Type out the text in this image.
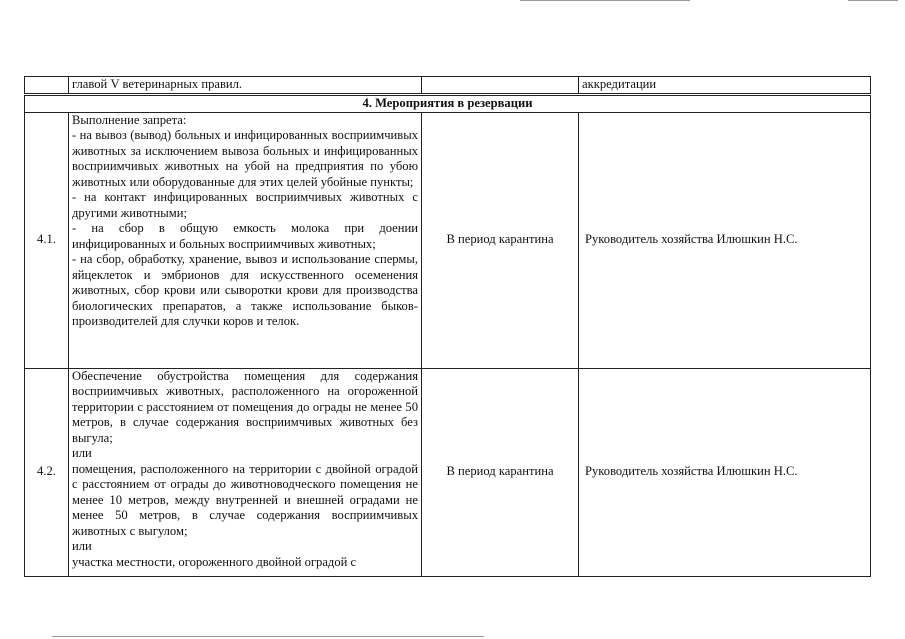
	главой V ветеринарных правил.		аккредитации
4. Мероприятия в резервации			
4.1.	Выполнение запрета:
- на вывоз (вывод) больных и инфицированных восприимчивых животных за исключением вывоза больных и инфицированных восприимчивых животных на убой на предприятия по убою животных или оборудованные для этих целей убойные пункты;
- на контакт инфицированных восприимчивых животных с другими животными;
- на сбор в общую емкость молока при доении инфицированных и больных восприимчивых животных;
- на сбор, обработку, хранение, вывоз и использование спермы, яйцеклеток и эмбрионов для искусственного осеменения животных, сбор крови или сыворотки крови для производства биологических препаратов, а также использование быков-производителей для случки коров и телок.	В период карантина	Руководитель хозяйства Илюшкин Н.С.
4.2.	Обеспечение обустройства помещения для содержания восприимчивых животных, расположенного на огороженной территории с расстоянием от помещения до ограды не менее 50 метров, в случае содержания восприимчивых животных без выгула;
или
помещения, расположенного на территории с двойной оградой с расстоянием от ограды до животноводческого помещения не менее 10 метров, между внутренней и внешней оградами не менее 50 метров, в случае содержания восприимчивых животных с выгулом;
или
участка местности, огороженного двойной оградой с	В период карантина	Руководитель хозяйства Илюшкин Н.С.
